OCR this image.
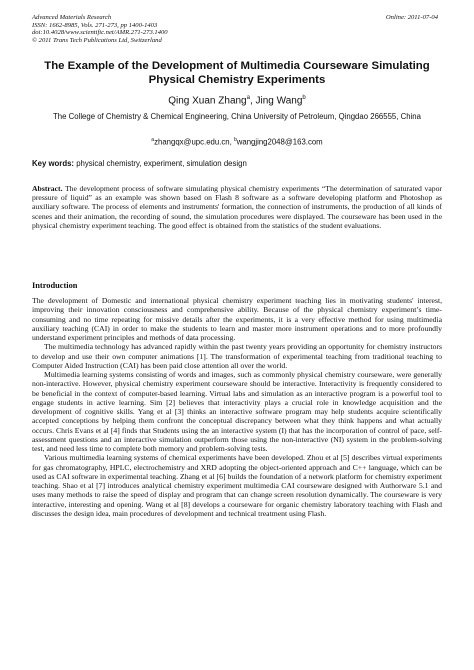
Advanced Materials Research
ISSN: 1662-8985, Vols. 271-273, pp 1400-1403
doi:10.4028/www.scientific.net/AMR.271-273.1400
© 2011 Trans Tech Publications Ltd, Switzerland
Online: 2011-07-04
The Example of the Development of Multimedia Courseware Simulating Physical Chemistry Experiments
Qing Xuan Zhang$^a$, Jing Wang$^b$
The College of Chemistry & Chemical Engineering, China University of Petroleum, Qingdao 266555, China
$^a$zhangqx@upc.edu.cn, $^b$wangjing2048@163.com
Key words: physical chemistry, experiment, simulation design
Abstract. The development process of software simulating physical chemistry experiments “The determination of saturated vapor pressure of liquid” as an example was shown based on Flash 8 software as a software developing platform and Photoshop as auxiliary software. The process of elements and instruments' formation, the connection of instruments, the production of all kinds of scenes and their animation, the recording of sound, the simulation procedures were displayed. The courseware has been used in the physical chemistry experiment teaching. The good effect is obtained from the statistics of the student evaluations.
Introduction

The development of Domestic and international physical chemistry experiment teaching lies in motivating students' interest, improving their innovation consciousness and comprehensive ability. Because of the physical chemistry experiment’s time-consuming and no time repeating for missive details after the experiments, it is a very effective method for using multimedia auxiliary teaching (CAI) in order to make the students to learn and master more instrument operations and to more profoundly understand experiment principles and methods of data processing.

The multimedia technology has advanced rapidly within the past twenty years providing an opportunity for chemistry instructors to develop and use their own computer animations [1]. The transformation of experimental teaching from traditional teaching to Computer Aided Instruction (CAI) has been paid close attention all over the world.

Multimedia learning systems consisting of words and images, such as commonly physical chemistry courseware, were generally non-interactive. However, physical chemistry experiment courseware should be interactive. Interactivity is frequently considered to be beneficial in the context of computer-based learning. Virtual labs and simulation as an interactive program is a powerful tool to engage students in active learning. Sim [2] believes that interactivity plays a crucial role in knowledge acquisition and the development of cognitive skills. Yang et al [3] thinks an interactive software program may help students acquire scientifically accepted conceptions by helping them confront the conceptual discrepancy between what they think happens and what actually occurs. Chris Evans et al [4] finds that Students using the an interactive system (I) that has the incorporation of control of pace, self-assessment questions and an interactive simulation outperform those using the non-interactive (NI) system in the problem-solving test, and need less time to complete both memory and problem-solving tests.

Various multimedia learning systems of chemical experiments have been developed. Zhou et al [5] describes virtual experiments for gas chromatography, HPLC, electrochemistry and XRD adopting the object-oriented approach and C++ language, which can be used as CAI software in experimental teaching. Zhang et al [6] builds the foundation of a network platform for chemistry experiment teaching. Shao et al [7] introduces analytical chemistry experiment multimedia CAI courseware designed with Authorware 5.1 and uses many methods to raise the speed of display and program that can change screen resolution dynamically. The courseware is very interactive, interesting and opening. Wang et al [8] develops a courseware for organic chemistry laboratory teaching with Flash and discusses the design idea, main procedures of development and technical treatment using Flash.
